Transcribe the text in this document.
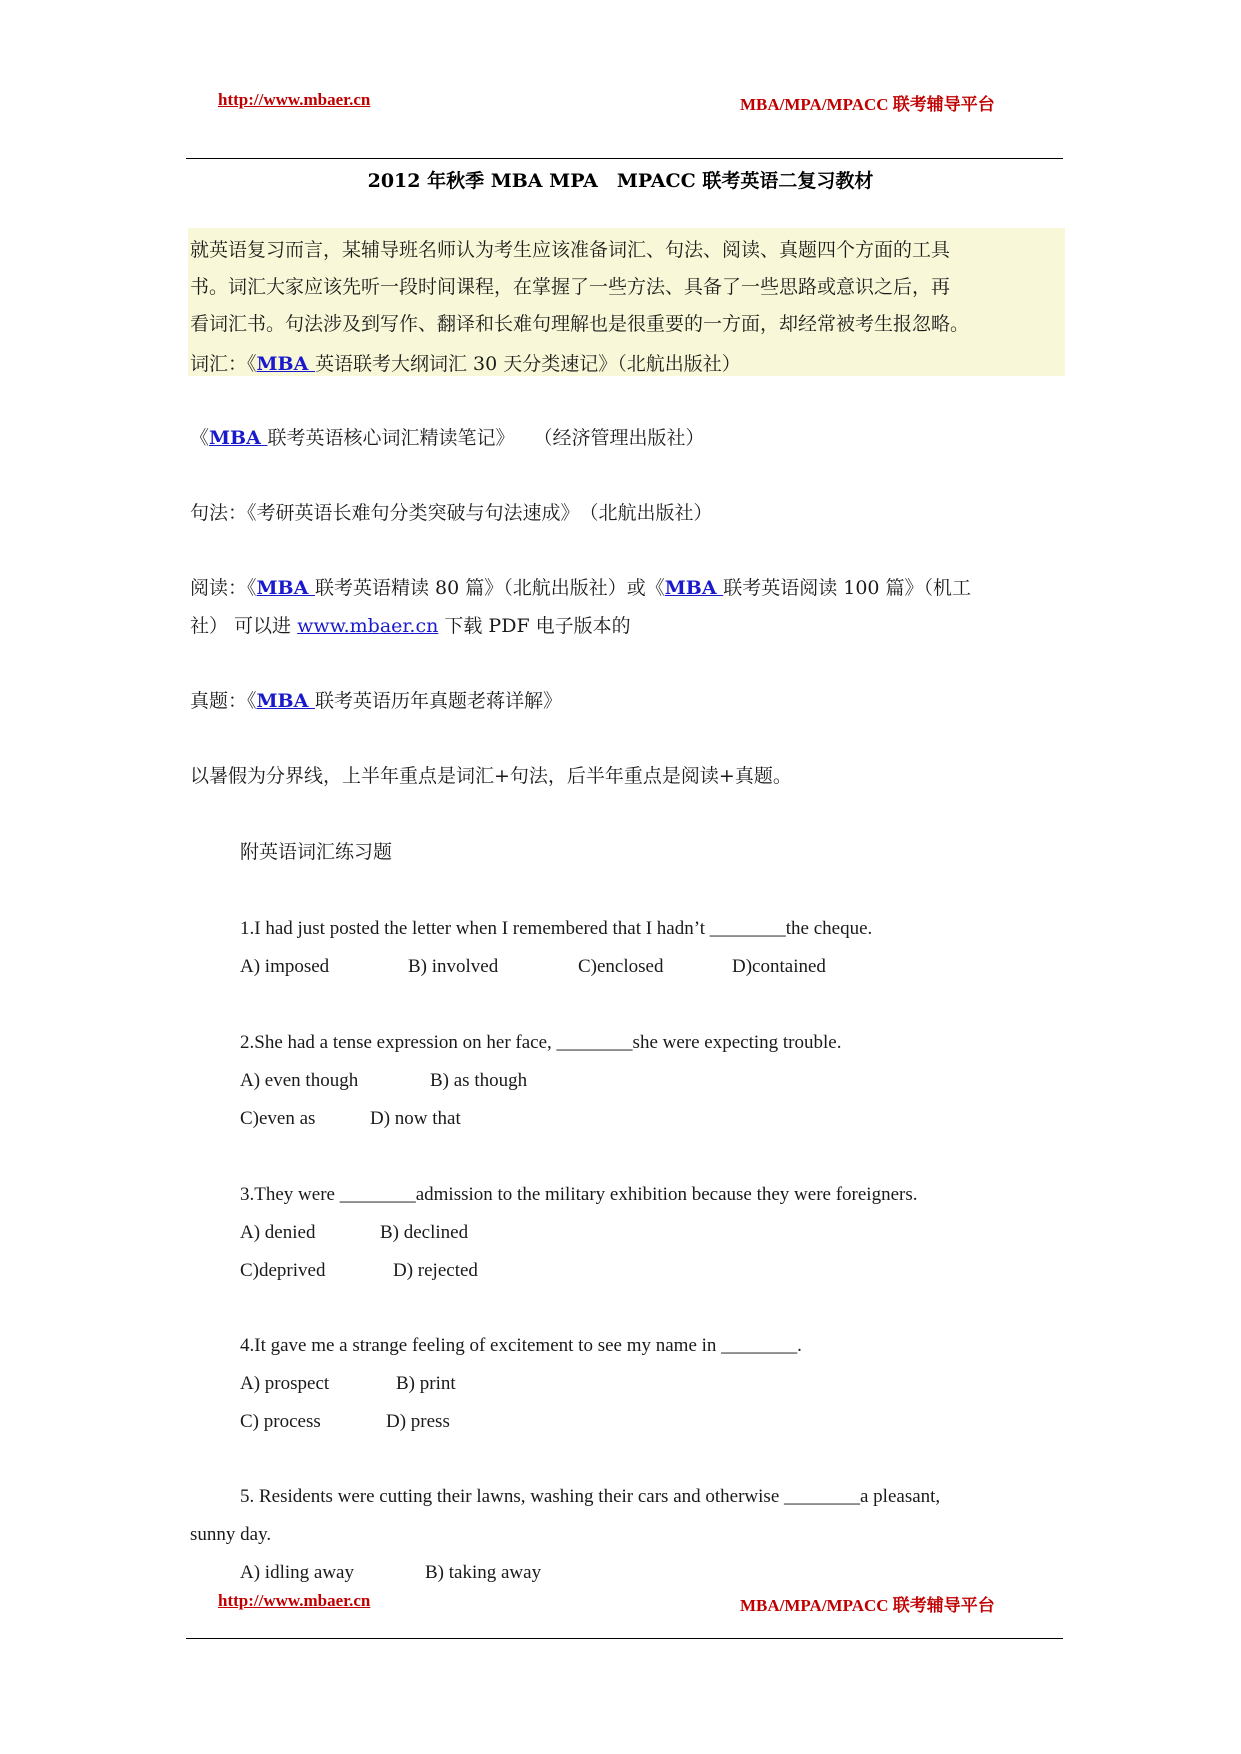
http://www.mbaer.cn	MBA/MPA/MPACC 联考辅导平台
2012 年秋季 MBA MPA　MPACC 联考英语二复习教材
就英语复习而言，某辅导班名师认为考生应该准备词汇、句法、阅读、真题四个方面的工具
书。词汇大家应该先听一段时间课程，在掌握了一些方法、具备了一些思路或意识之后，再
看词汇书。句法涉及到写作、翻译和长难句理解也是很重要的一方面，却经常被考生报忽略。
词汇：《MBA 英语联考大纲词汇 30 天分类速记》（北航出版社）
《MBA 联考英语核心词汇精读笔记》　　（经济管理出版社）
句法：《考研英语长难句分类突破与句法速成》　（北航出版社）
阅读：《MBA 联考英语精读 80 篇》（北航出版社）或《MBA 联考英语阅读 100 篇》（机工
社） 可以进 www.mbaer.cn 下载 PDF 电子版本的
真题：《MBA 联考英语历年真题老蒋详解》
以暑假为分界线，上半年重点是词汇+句法，后半年重点是阅读+真题。
附英语词汇练习题
1.I had just posted the letter when I remembered that I hadn’t ________the cheque.
A) imposed	B) involved	C)enclosed	D)contained
2.She had a tense expression on her face, ________she were expecting trouble.
A) even though	B) as though
C)even as	D) now that
3.They were ________admission to the military exhibition because they were foreigners.
A) denied	B) declined
C)deprived	D) rejected
4.It gave me a strange feeling of excitement to see my name in ________.
A) prospect	B) print
C) process	D) press
5. Residents were cutting their lawns, washing their cars and otherwise ________a pleasant,
sunny day.
A) idling away	B) taking away
http://www.mbaer.cn	MBA/MPA/MPACC 联考辅导平台
